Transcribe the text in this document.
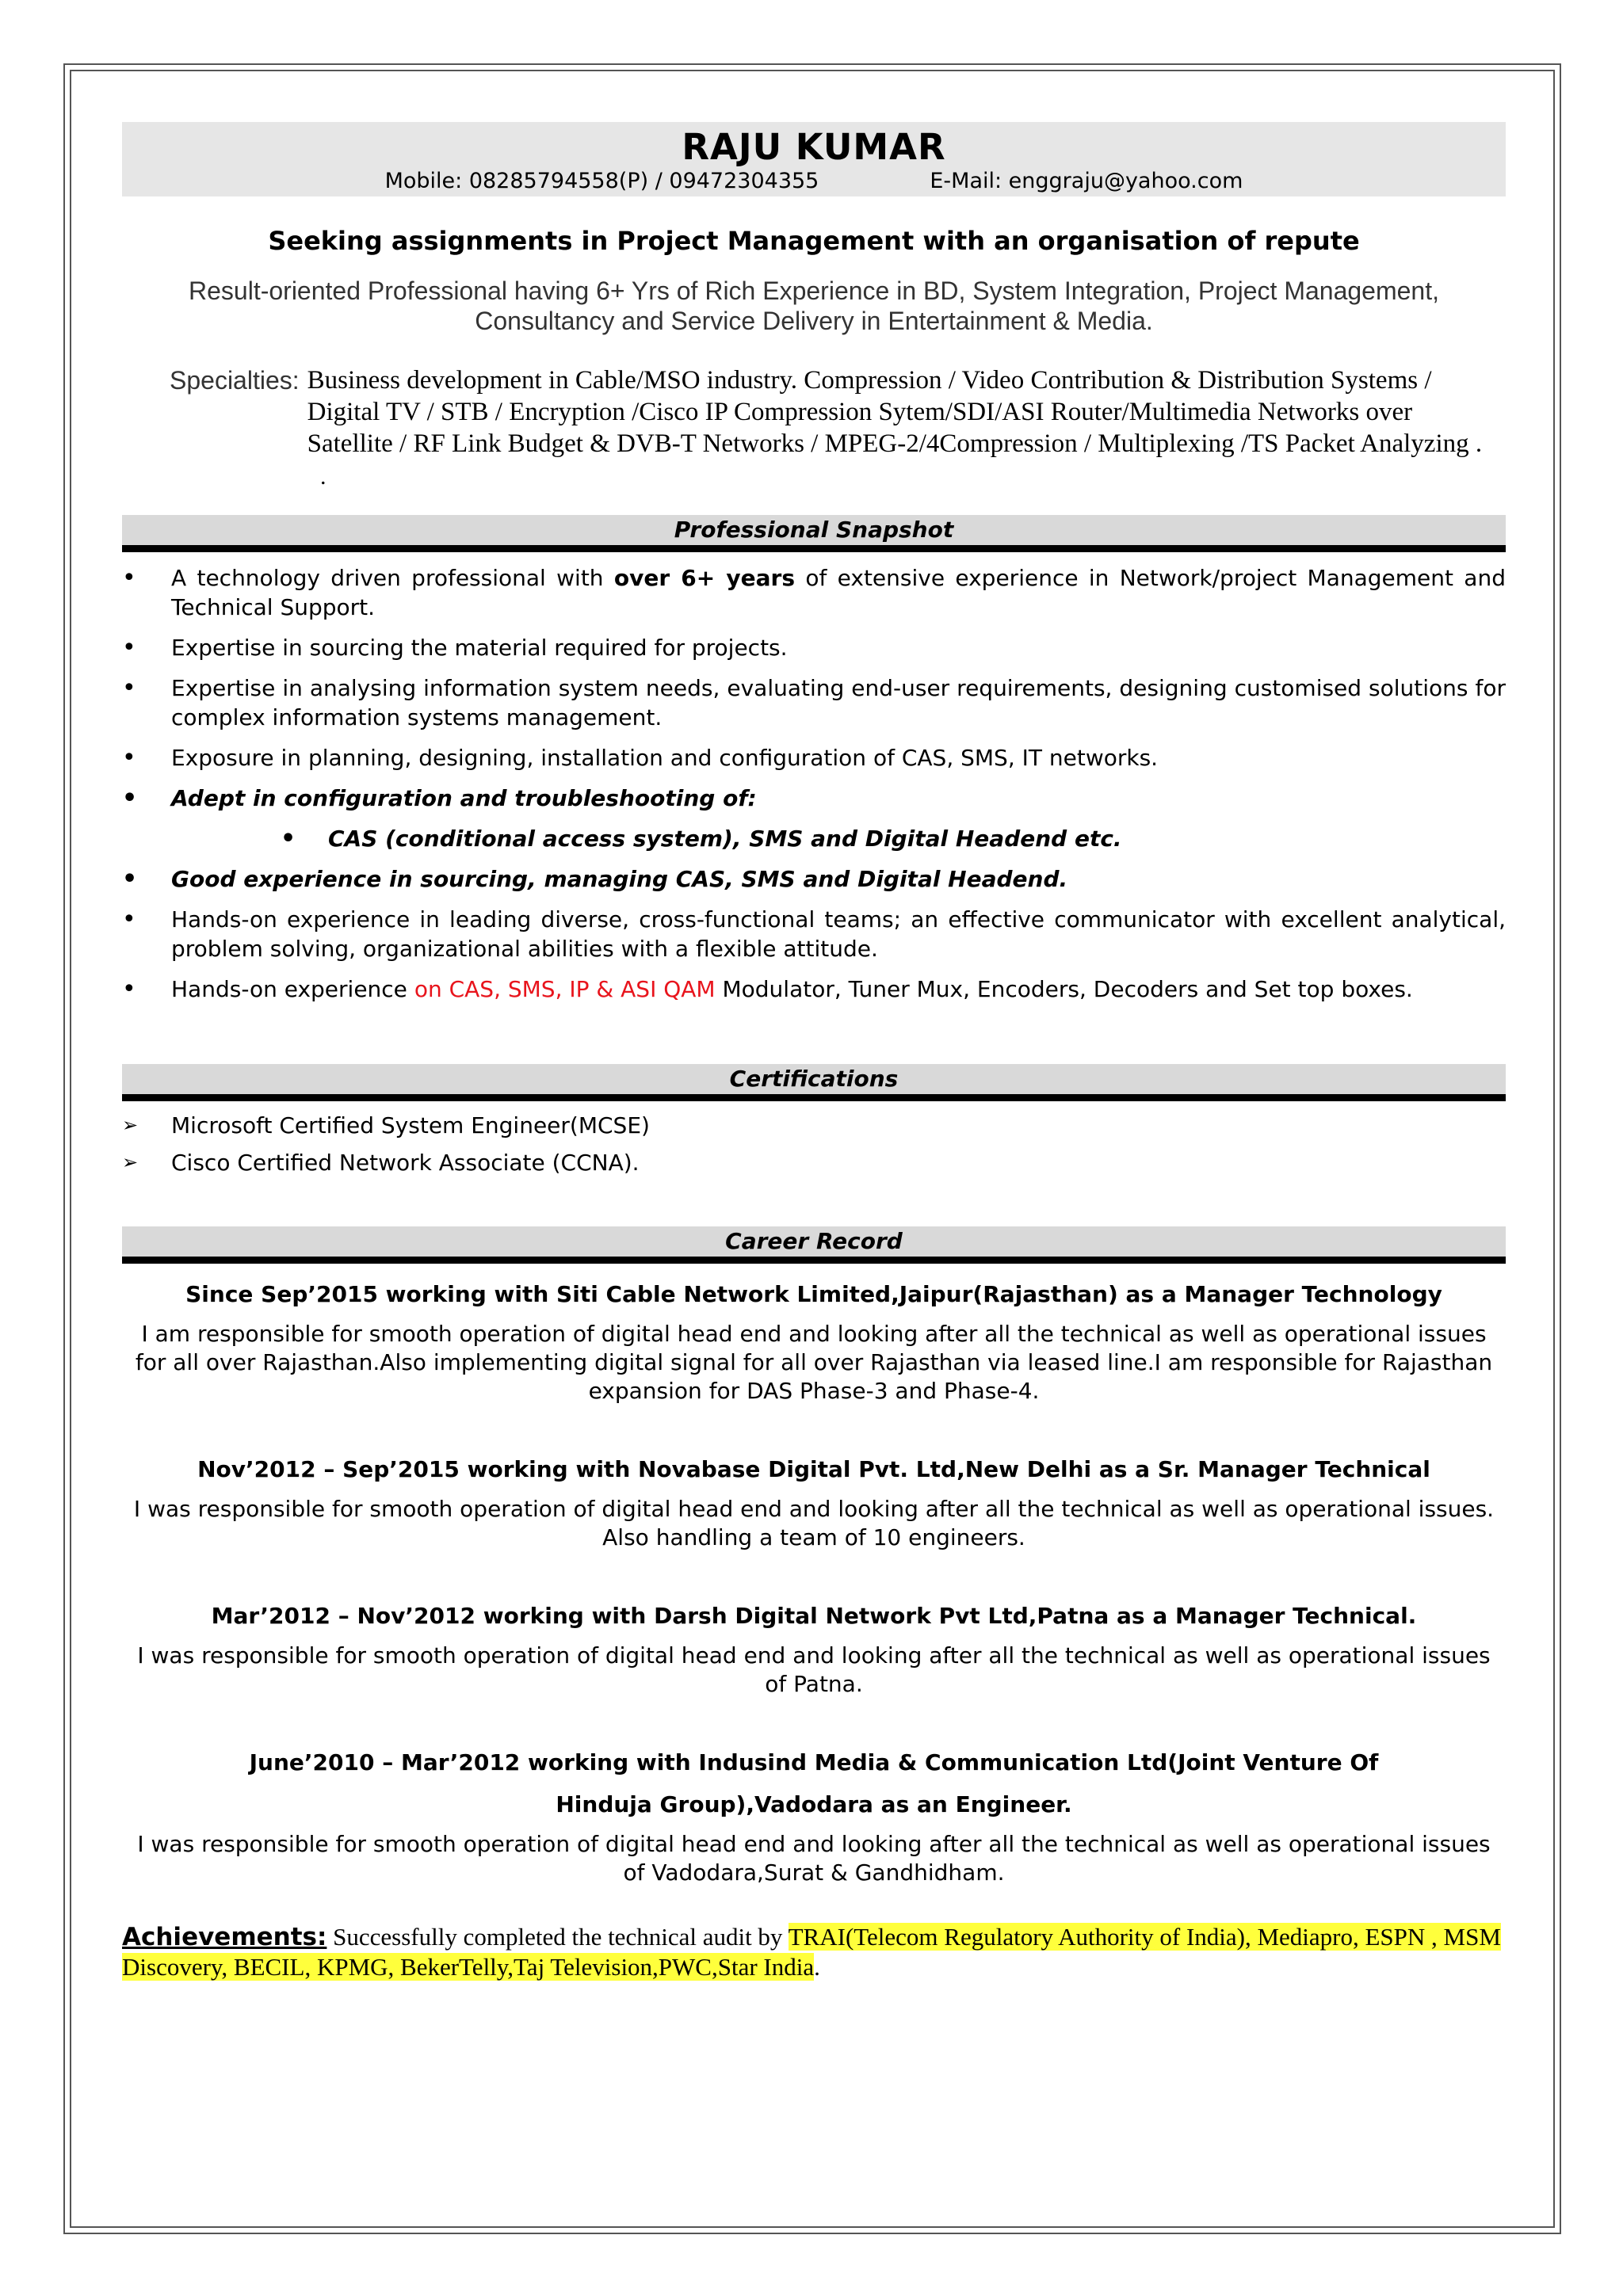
RAJU KUMAR
Mobile: 08285794558(P) / 09472304355	E-Mail: enggraju@yahoo.com
Seeking assignments in Project Management with an organisation of repute
Result-oriented Professional having 6+ Yrs of Rich Experience in BD, System Integration, Project Management, Consultancy and Service Delivery in Entertainment & Media.
Specialties: Business development in Cable/MSO industry. Compression / Video Contribution & Distribution Systems / Digital TV / STB / Encryption /Cisco IP Compression Sytem/SDI/ASI Router/Multimedia Networks over Satellite / RF Link Budget & DVB-T Networks / MPEG-2/4Compression / Multiplexing /TS Packet Analyzing .
.
Professional Snapshot
• A technology driven professional with over 6+ years of extensive experience in Network/project Management and Technical Support.
• Expertise in sourcing the material required for projects.
• Expertise in analysing information system needs, evaluating end-user requirements, designing customised solutions for complex information systems management.
• Exposure in planning, designing, installation and configuration of CAS, SMS, IT networks.
• Adept in configuration and troubleshooting of:
• CAS (conditional access system), SMS and Digital Headend etc.
• Good experience in sourcing, managing CAS, SMS and Digital Headend.
• Hands-on experience in leading diverse, cross-functional teams; an effective communicator with excellent analytical, problem solving, organizational abilities with a flexible attitude.
• Hands-on experience on CAS, SMS, IP & ASI QAM Modulator, Tuner Mux, Encoders, Decoders and Set top boxes.
Certifications
➢ Microsoft Certified System Engineer(MCSE)
➢ Cisco Certified Network Associate (CCNA).
Career Record
Since Sep’2015 working with Siti Cable Network Limited,Jaipur(Rajasthan) as a Manager Technology
I am responsible for smooth operation of digital head end and looking after all the technical as well as operational issues for all over Rajasthan.Also implementing digital signal for all over Rajasthan via leased line.I am responsible for Rajasthan expansion for DAS Phase-3 and Phase-4.
Nov’2012 – Sep’2015 working with Novabase Digital Pvt. Ltd,New Delhi as a Sr. Manager Technical
I was responsible for smooth operation of digital head end and looking after all the technical as well as operational issues. Also handling a team of 10 engineers.
Mar’2012 – Nov’2012 working with Darsh Digital Network Pvt Ltd,Patna as a Manager Technical.
I was responsible for smooth operation of digital head end and looking after all the technical as well as operational issues of Patna.
June’2010 – Mar’2012 working with Indusind Media & Communication Ltd(Joint Venture Of
Hinduja Group),Vadodara as an Engineer.
I was responsible for smooth operation of digital head end and looking after all the technical as well as operational issues of Vadodara,Surat & Gandhidham.
Achievements: Successfully completed the technical audit by TRAI(Telecom Regulatory Authority of India), Mediapro, ESPN , MSM Discovery, BECIL, KPMG, BekerTelly,Taj Television,PWC,Star India.
